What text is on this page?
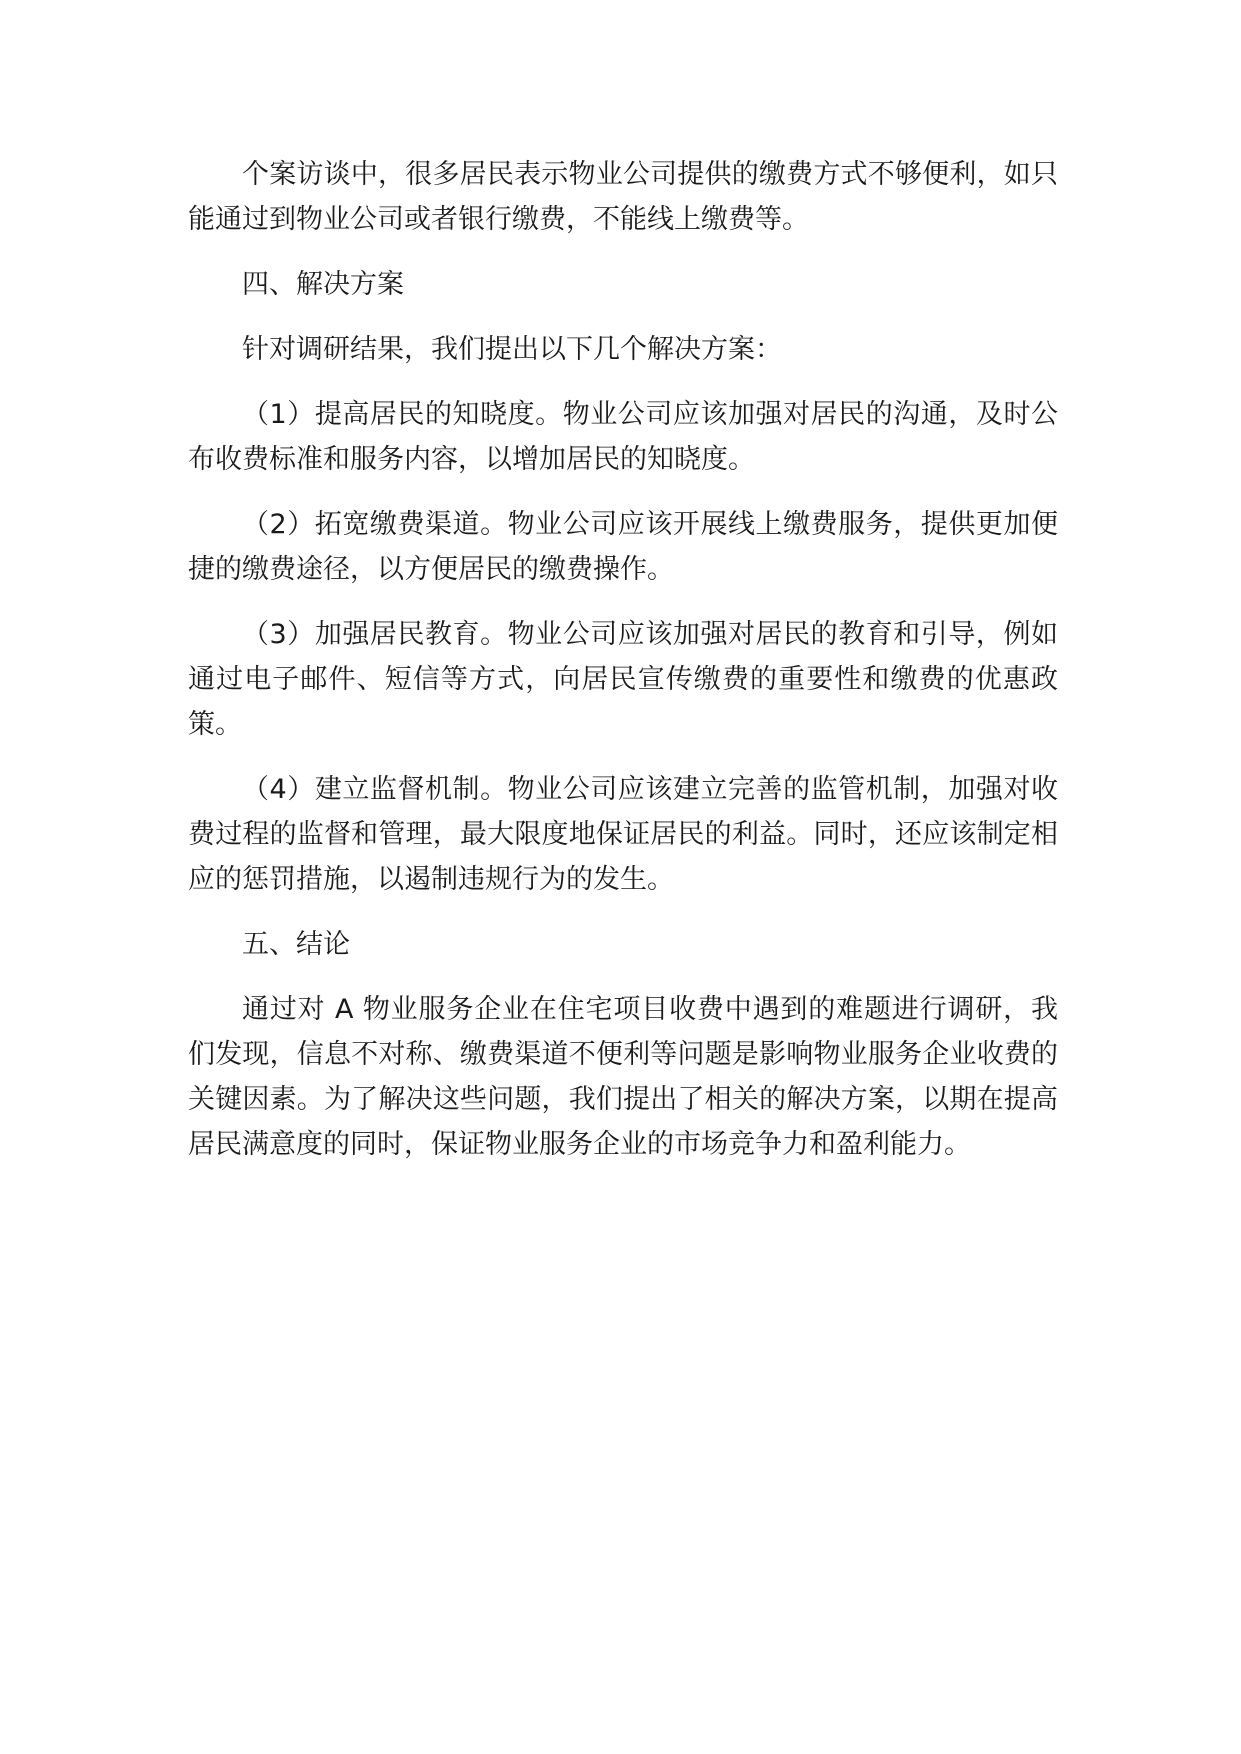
个案访谈中，很多居民表示物业公司提供的缴费方式不够便利，如只能通过到物业公司或者银行缴费，不能线上缴费等。

四、解决方案

针对调研结果，我们提出以下几个解决方案：

（1）提高居民的知晓度。物业公司应该加强对居民的沟通，及时公布收费标准和服务内容，以增加居民的知晓度。

（2）拓宽缴费渠道。物业公司应该开展线上缴费服务，提供更加便捷的缴费途径，以方便居民的缴费操作。

（3）加强居民教育。物业公司应该加强对居民的教育和引导，例如通过电子邮件、短信等方式，向居民宣传缴费的重要性和缴费的优惠政策。

（4）建立监督机制。物业公司应该建立完善的监管机制，加强对收费过程的监督和管理，最大限度地保证居民的利益。同时，还应该制定相应的惩罚措施，以遏制违规行为的发生。

五、结论

通过对 A 物业服务企业在住宅项目收费中遇到的难题进行调研，我们发现，信息不对称、缴费渠道不便利等问题是影响物业服务企业收费的关键因素。为了解决这些问题，我们提出了相关的解决方案，以期在提高居民满意度的同时，保证物业服务企业的市场竞争力和盈利能力。
